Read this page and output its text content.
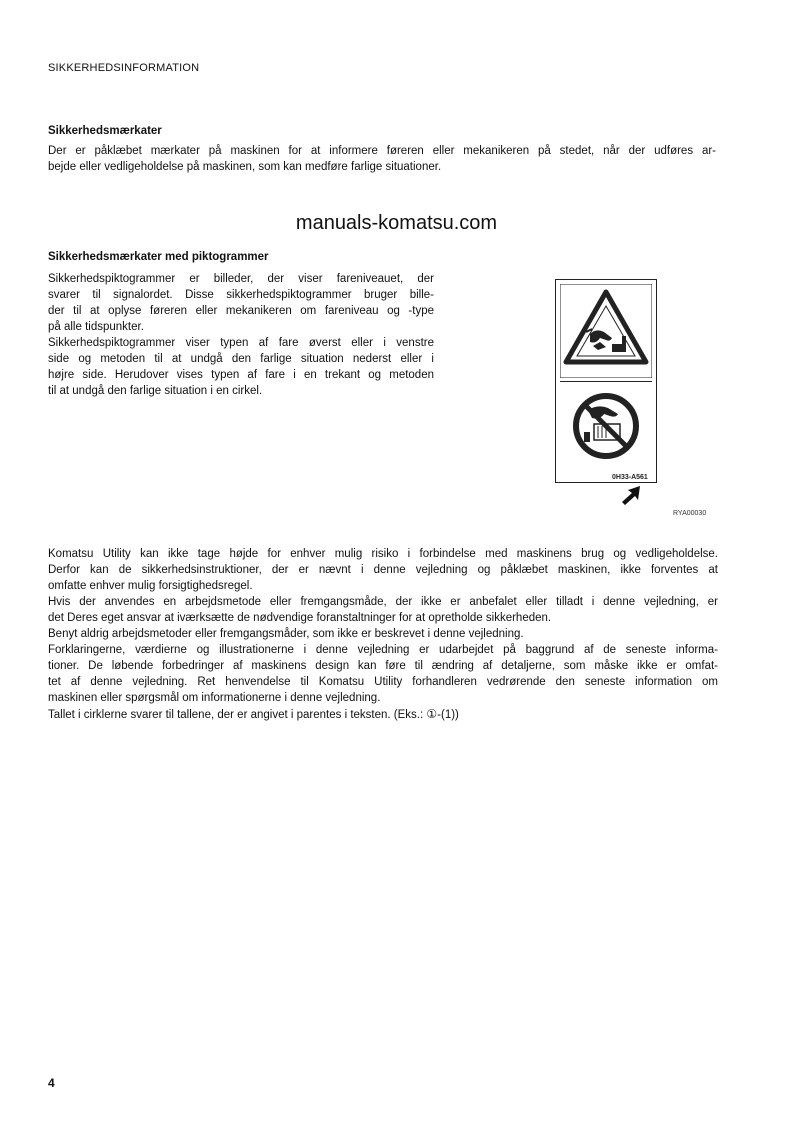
SIKKERHEDSINFORMATION
Sikkerhedsmærkater

Der er påklæbet mærkater på maskinen for at informere føreren eller mekanikeren på stedet, når der udføres ar-

bejde eller vedligeholdelse på maskinen, som kan medføre farlige situationer.

manuals-komatsu.com
Sikkerhedsmærkater med piktogrammer

Sikkerhedspiktogrammer er billeder, der viser fareniveauet, der

svarer til signalordet. Disse sikkerhedspiktogrammer bruger bille-

der til at oplyse føreren eller mekanikeren om fareniveau og -type

på alle tidspunkter.

Sikkerhedspiktogrammer viser typen af fare øverst eller i venstre

side og metoden til at undgå den farlige situation nederst eller i

højre side. Herudover vises typen af fare i en trekant og metoden

til at undgå den farlige situation i en cirkel.

0H33-A561
RYA00030

Komatsu Utility kan ikke tage højde for enhver mulig risiko i forbindelse med maskinens brug og vedligeholdelse.

Derfor kan de sikkerhedsinstruktioner, der er nævnt i denne vejledning og påklæbet maskinen, ikke forventes at

omfatte enhver mulig forsigtighedsregel.

Hvis der anvendes en arbejdsmetode eller fremgangsmåde, der ikke er anbefalet eller tilladt i denne vejledning, er

det Deres eget ansvar at iværksætte de nødvendige foranstaltninger for at opretholde sikkerheden.

Benyt aldrig arbejdsmetoder eller fremgangsmåder, som ikke er beskrevet i denne vejledning.

Forklaringerne, værdierne og illustrationerne i denne vejledning er udarbejdet på baggrund af de seneste informa-

tioner. De løbende forbedringer af maskinens design kan føre til ændring af detaljerne, som måske ikke er omfat-

tet af denne vejledning. Ret henvendelse til Komatsu Utility forhandleren vedrørende den seneste information om

maskinen eller spørgsmål om informationerne i denne vejledning.

Tallet i cirklerne svarer til tallene, der er angivet i parentes i teksten. (Eks.: ①-(1))

4
